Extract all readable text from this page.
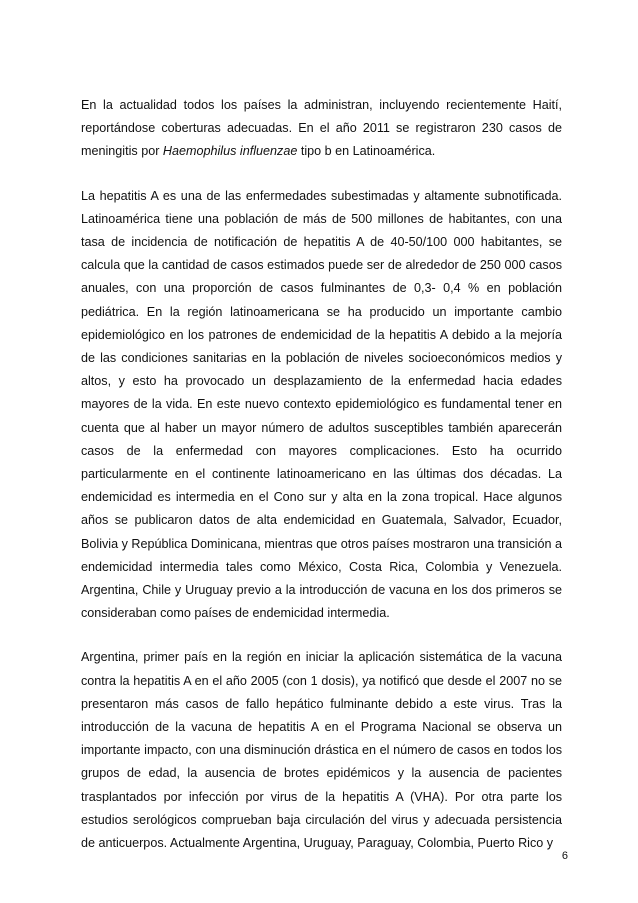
En la actualidad todos los países la administran, incluyendo recientemente Haití, reportándose coberturas adecuadas. En el año 2011 se registraron 230 casos de meningitis por Haemophilus influenzae tipo b en Latinoamérica.

La hepatitis A es una de las enfermedades subestimadas y altamente subnotificada. Latinoamérica tiene una población de más de 500 millones de habitantes, con una tasa de incidencia de notificación de hepatitis A de 40-50/100 000 habitantes, se calcula que la cantidad de casos estimados puede ser de alrededor de 250 000 casos anuales, con una proporción de casos fulminantes de 0,3- 0,4 % en población pediátrica. En la región latinoamericana se ha producido un importante cambio epidemiológico en los patrones de endemicidad de la hepatitis A debido a la mejoría de las condiciones sanitarias en la población de niveles socioeconómicos medios y altos, y esto ha provocado un desplazamiento de la enfermedad hacia edades mayores de la vida. En este nuevo contexto epidemiológico es fundamental tener en cuenta que al haber un mayor número de adultos susceptibles también aparecerán casos de la enfermedad con mayores complicaciones. Esto ha ocurrido particularmente en el continente latinoamericano en las últimas dos décadas. La endemicidad es intermedia en el Cono sur y alta en la zona tropical. Hace algunos años se publicaron datos de alta endemicidad en Guatemala, Salvador, Ecuador, Bolivia y República Dominicana, mientras que otros países mostraron una transición a endemicidad intermedia tales como México, Costa Rica, Colombia y Venezuela. Argentina, Chile y Uruguay previo a la introducción de vacuna en los dos primeros se consideraban como países de endemicidad intermedia.

Argentina, primer país en la región en iniciar la aplicación sistemática de la vacuna contra la hepatitis A en el año 2005 (con 1 dosis), ya notificó que desde el 2007 no se presentaron más casos de fallo hepático fulminante debido a este virus. Tras la introducción de la vacuna de hepatitis A en el Programa Nacional se observa un importante impacto, con una disminución drástica en el número de casos en todos los grupos de edad, la ausencia de brotes epidémicos y la ausencia de pacientes trasplantados por infección por virus de la hepatitis A (VHA). Por otra parte los estudios serológicos comprueban baja circulación del virus y adecuada persistencia de anticuerpos. Actualmente Argentina, Uruguay, Paraguay, Colombia, Puerto Rico y

6
